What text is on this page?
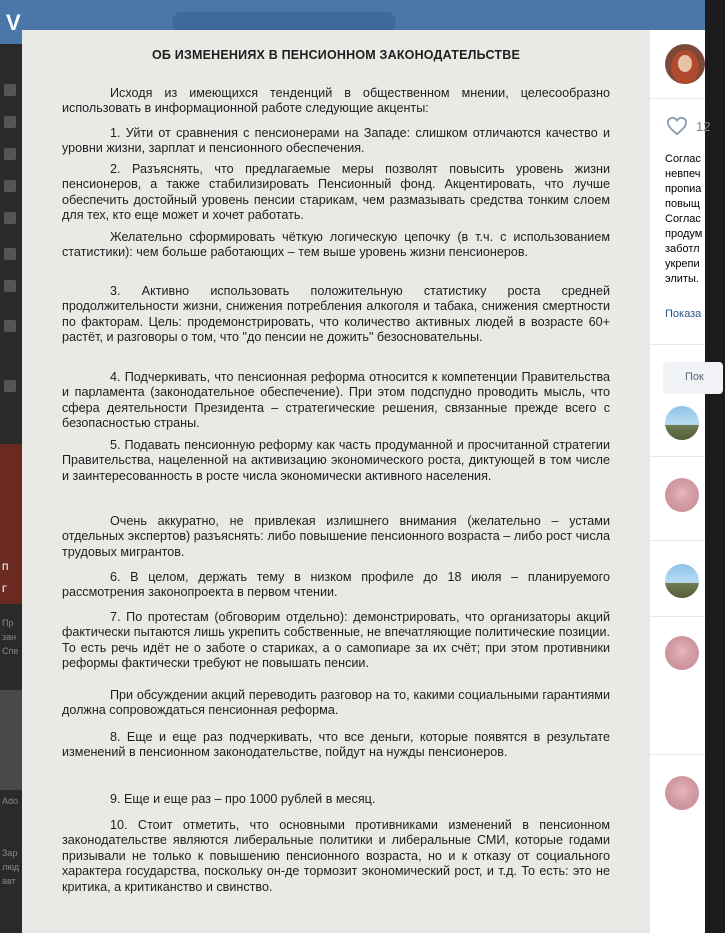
V
П
Г
Пр
зан
Спе
Ado
Зар
люд
авт
ОБ ИЗМЕНЕНИЯХ В ПЕНСИОННОМ ЗАКОНОДАТЕЛЬСТВЕ

Исходя из имеющихся тенденций в общественном мнении, целесообразно использовать в информационной работе следующие акценты:

1. Уйти от сравнения с пенсионерами на Западе: слишком отличаются качество и уровни жизни, зарплат и пенсионного обеспечения.

2. Разъяснять, что предлагаемые меры позволят повысить уровень жизни пенсионеров, а также стабилизировать Пенсионный фонд. Акцентировать, что лучше обеспечить достойный уровень пенсии старикам, чем размазывать средства тонким слоем для тех, кто еще может и хочет работать.

Желательно сформировать чёткую логическую цепочку (в т.ч. с использованием статистики): чем больше работающих – тем выше уровень жизни пенсионеров.

3. Активно использовать положительную статистику роста средней продолжительности жизни, снижения потребления алкоголя и табака, снижения смертности по факторам. Цель: продемонстрировать, что количество активных людей в возрасте 60+ растёт, и разговоры о том, что "до пенсии не дожить" безосновательны.

4. Подчеркивать, что пенсионная реформа относится к компетенции Правительства и парламента (законодательное обеспечение). При этом подспудно проводить мысль, что сфера деятельности Президента – стратегические решения, связанные прежде всего с безопасностью страны.

5. Подавать пенсионную реформу как часть продуманной и просчитанной стратегии Правительства, нацеленной на активизацию экономического роста, диктующей в том числе и заинтересованность в росте числа экономически активного населения.

Очень аккуратно, не привлекая излишнего внимания (желательно – устами отдельных экспертов) разъяснять: либо повышение пенсионного возраста – либо рост числа трудовых мигрантов.

6. В целом, держать тему в низком профиле до 18 июля – планируемого рассмотрения законопроекта в первом чтении.

7. По протестам (обговорим отдельно): демонстрировать, что организаторы акций фактически пытаются лишь укрепить собственные, не впечатляющие политические позиции. То есть речь идёт не о заботе о стариках, а о самопиаре за их счёт; при этом противники реформы фактически требуют не повышать пенсии.

При обсуждении акций переводить разговор на то, какими социальными гарантиями должна сопровождаться пенсионная реформа.

8. Еще и еще раз подчеркивать, что все деньги, которые появятся в результате изменений в пенсионном законодательстве, пойдут на нужды пенсионеров.

9. Еще и еще раз – про 1000 рублей в месяц.

10. Стоит отметить, что основными противниками изменений в пенсионном законодательстве являются либеральные политики и либеральные СМИ, которые годами призывали не только к повышению пенсионного возраста, но и к отказу от социального характера государства, поскольку он-де тормозит экономический рост, и т.д. То есть: это не критика, а критиканство и свинство.

12
Соглас
невпеч
пропиа
повыщ
Соглас
продум
заботл
укрепи
элиты.
Показа
Пок
